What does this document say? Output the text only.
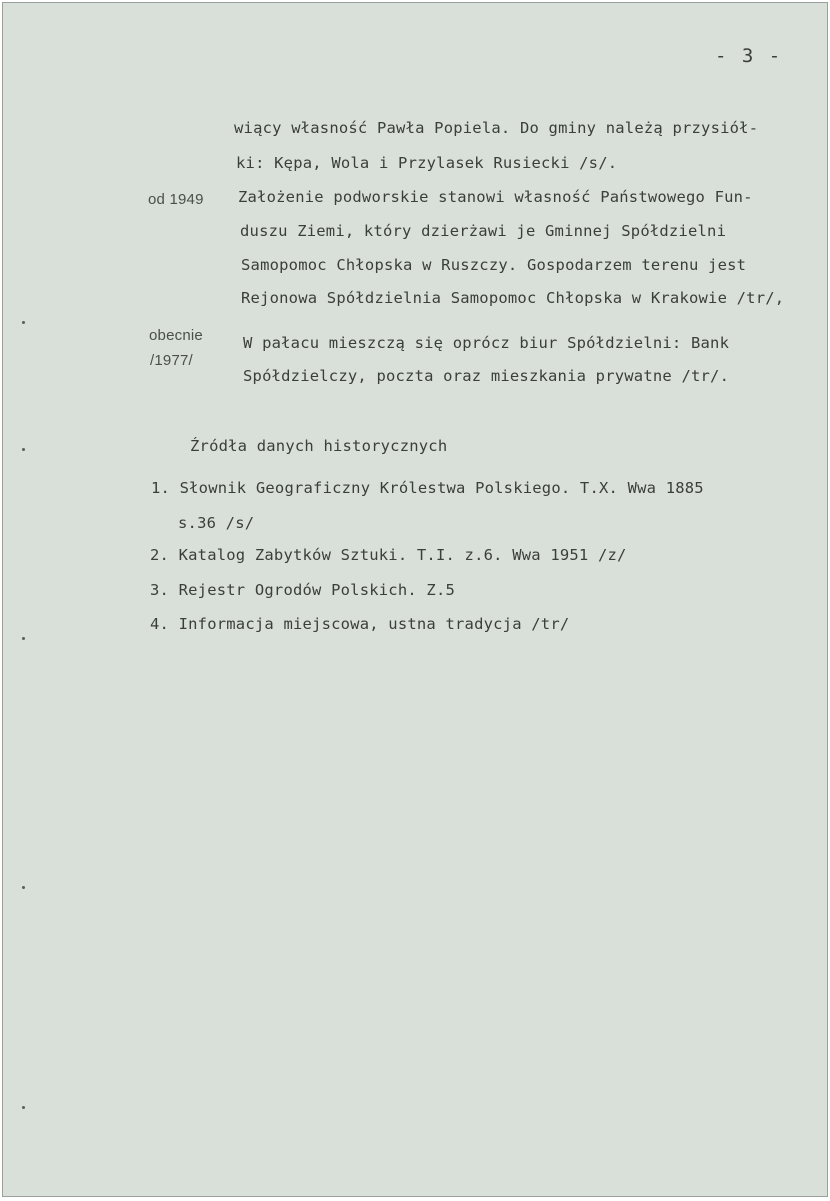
- 3 -
wiący własność Pawła Popiela. Do gminy należą przysiół-
ki: Kępa, Wola i Przylasek Rusiecki /s/.
Założenie podworskie stanowi własność Państwowego Fun-
duszu Ziemi, który dzierżawi je Gminnej Spółdzielni
Samopomoc Chłopska w Ruszczy. Gospodarzem terenu jest
Rejonowa Spółdzielnia Samopomoc Chłopska w Krakowie /tr/,
W pałacu mieszczą się oprócz biur Spółdzielni: Bank
Spółdzielczy, poczta oraz mieszkania prywatne /tr/.
od 1949
obecnie
/1977/
Źródła danych historycznych
1. Słownik Geograficzny Królestwa Polskiego. T.X. Wwa 1885
s.36 /s/
2. Katalog Zabytków Sztuki. T.I. z.6. Wwa 1951 /z/
3. Rejestr Ogrodów Polskich. Z.5
4. Informacja miejscowa, ustna tradycja /tr/
